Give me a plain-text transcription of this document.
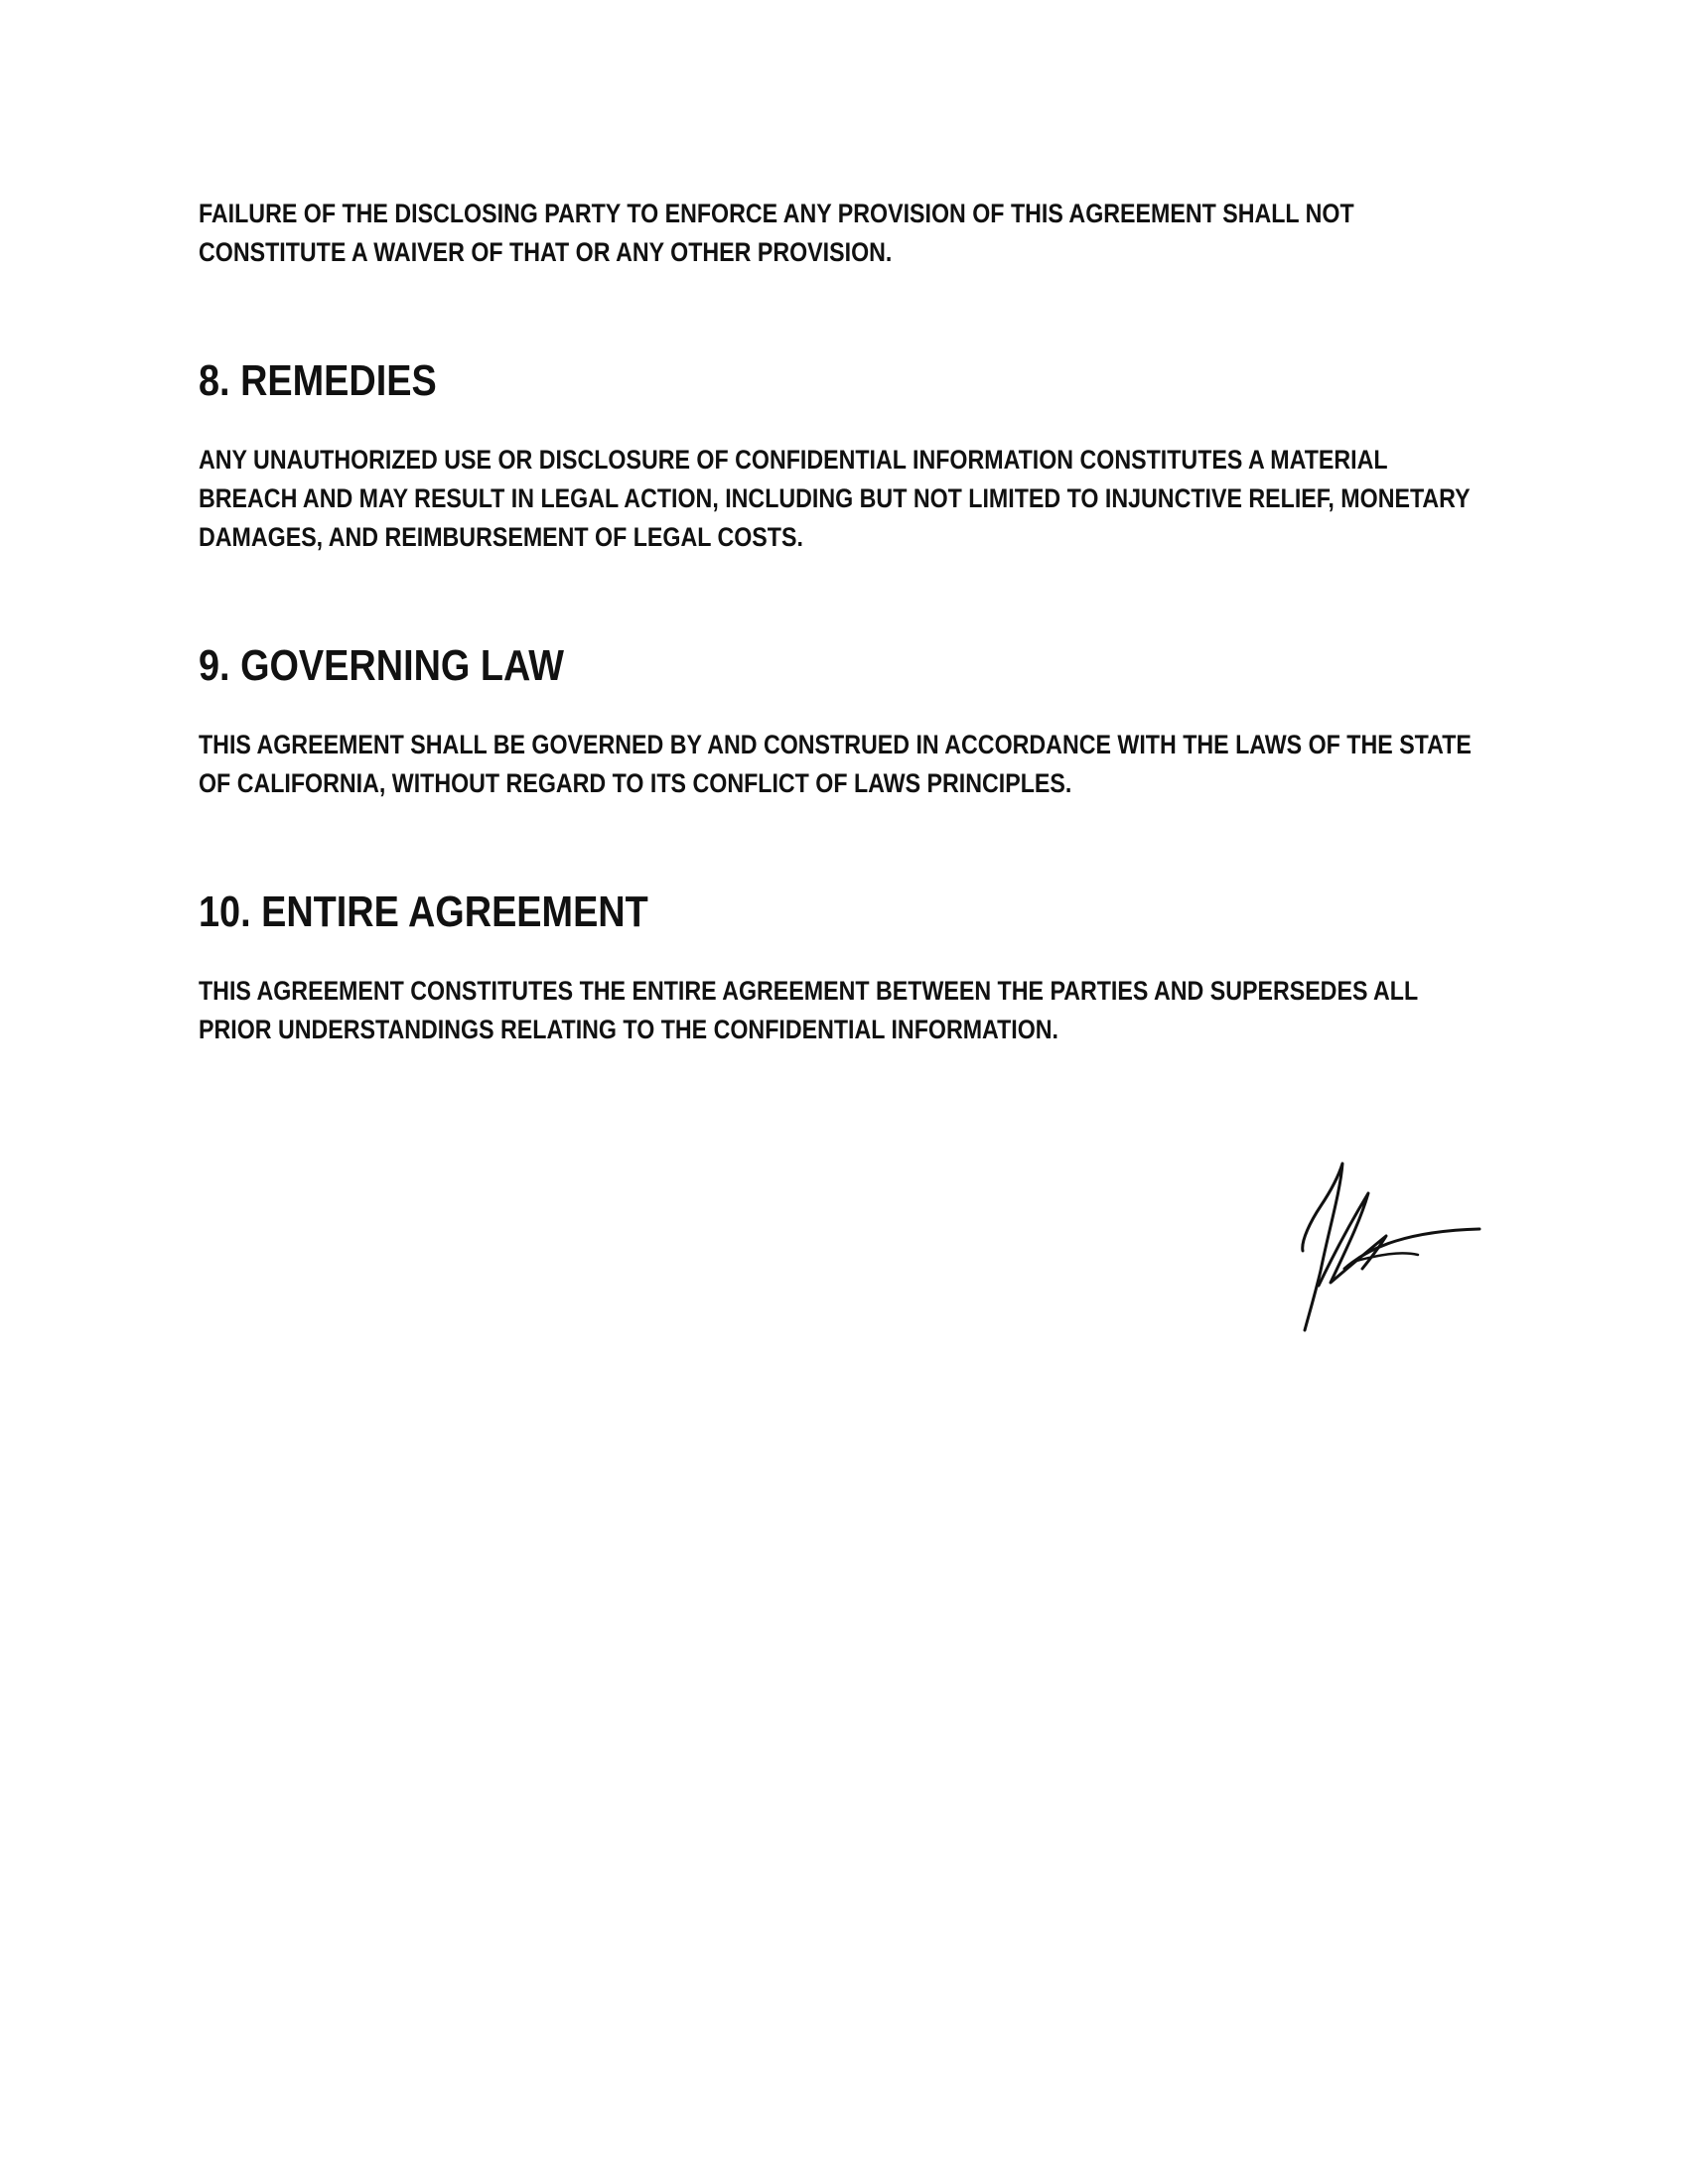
FAILURE OF THE DISCLOSING PARTY TO ENFORCE ANY PROVISION OF THIS AGREEMENT SHALL NOT CONSTITUTE A WAIVER OF THAT OR ANY OTHER PROVISION.

8. REMEDIES

ANY UNAUTHORIZED USE OR DISCLOSURE OF CONFIDENTIAL INFORMATION CONSTITUTES A MATERIAL BREACH AND MAY RESULT IN LEGAL ACTION, INCLUDING BUT NOT LIMITED TO INJUNCTIVE RELIEF, MONETARY DAMAGES, AND REIMBURSEMENT OF LEGAL COSTS.

9. GOVERNING LAW

THIS AGREEMENT SHALL BE GOVERNED BY AND CONSTRUED IN ACCORDANCE WITH THE LAWS OF THE STATE OF CALIFORNIA, WITHOUT REGARD TO ITS CONFLICT OF LAWS PRINCIPLES.

10. ENTIRE AGREEMENT

THIS AGREEMENT CONSTITUTES THE ENTIRE AGREEMENT BETWEEN THE PARTIES AND SUPERSEDES ALL PRIOR UNDERSTANDINGS RELATING TO THE CONFIDENTIAL INFORMATION.
